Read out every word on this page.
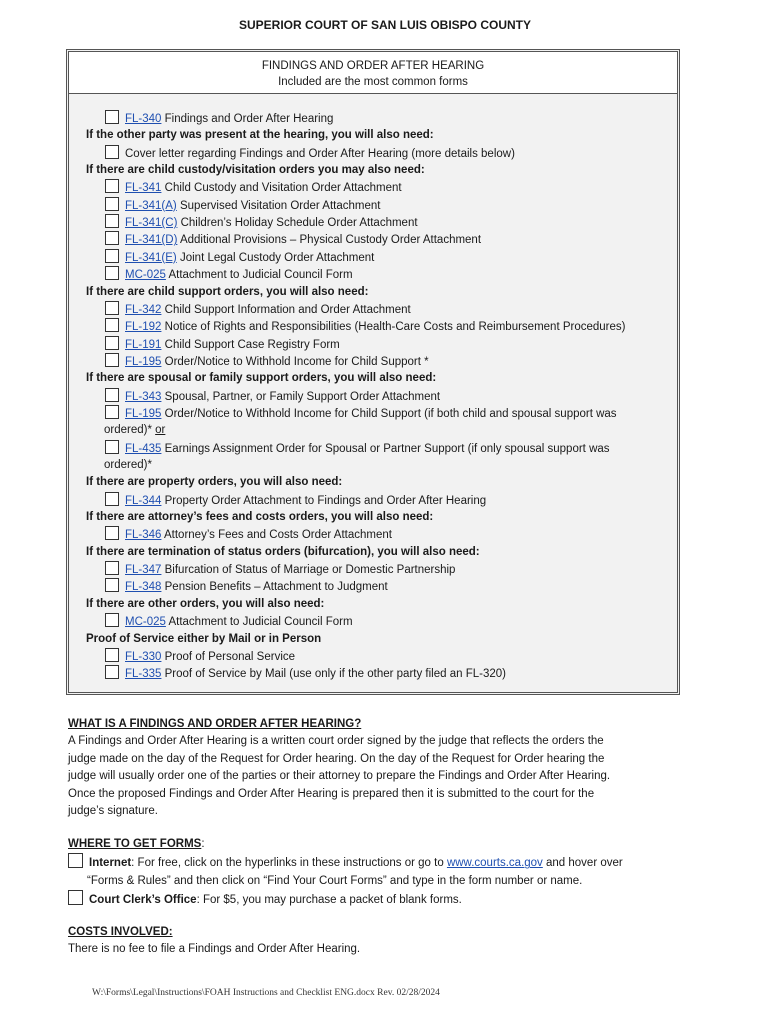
SUPERIOR COURT OF SAN LUIS OBISPO COUNTY
FINDINGS AND ORDER AFTER HEARING
Included are the most common forms
FL-340 Findings and Order After Hearing
If the other party was present at the hearing, you will also need:
Cover letter regarding Findings and Order After Hearing (more details below)
If there are child custody/visitation orders you may also need:
FL-341 Child Custody and Visitation Order Attachment
FL-341(A) Supervised Visitation Order Attachment
FL-341(C) Children’s Holiday Schedule Order Attachment
FL-341(D) Additional Provisions – Physical Custody Order Attachment
FL-341(E) Joint Legal Custody Order Attachment
MC-025 Attachment to Judicial Council Form
If there are child support orders, you will also need:
FL-342 Child Support Information and Order Attachment
FL-192 Notice of Rights and Responsibilities (Health-Care Costs and Reimbursement Procedures)
FL-191 Child Support Case Registry Form
FL-195 Order/Notice to Withhold Income for Child Support *
If there are spousal or family support orders, you will also need:
FL-343 Spousal, Partner, or Family Support Order Attachment
FL-195 Order/Notice to Withhold Income for Child Support (if both child and spousal support was
ordered)* or
FL-435 Earnings Assignment Order for Spousal or Partner Support (if only spousal support was
ordered)*
If there are property orders, you will also need:
FL-344 Property Order Attachment to Findings and Order After Hearing
If there are attorney’s fees and costs orders, you will also need:
FL-346 Attorney’s Fees and Costs Order Attachment
If there are termination of status orders (bifurcation), you will also need:
FL-347 Bifurcation of Status of Marriage or Domestic Partnership
FL-348 Pension Benefits – Attachment to Judgment
If there are other orders, you will also need:
MC-025 Attachment to Judicial Council Form
Proof of Service either by Mail or in Person
FL-330 Proof of Personal Service
FL-335 Proof of Service by Mail (use only if the other party filed an FL-320)
WHAT IS A FINDINGS AND ORDER AFTER HEARING?
A Findings and Order After Hearing is a written court order signed by the judge that reflects the orders the
judge made on the day of the Request for Order hearing. On the day of the Request for Order hearing the
judge will usually order one of the parties or their attorney to prepare the Findings and Order After Hearing.
Once the proposed Findings and Order After Hearing is prepared then it is submitted to the court for the
judge’s signature.
WHERE TO GET FORMS:
Internet: For free, click on the hyperlinks in these instructions or go to www.courts.ca.gov and hover over
“Forms & Rules” and then click on “Find Your Court Forms” and type in the form number or name.
Court Clerk’s Office: For $5, you may purchase a packet of blank forms.
COSTS INVOLVED:
There is no fee to file a Findings and Order After Hearing.
W:\Forms\Legal\Instructions\FOAH Instructions and Checklist ENG.docx Rev. 02/28/2024
